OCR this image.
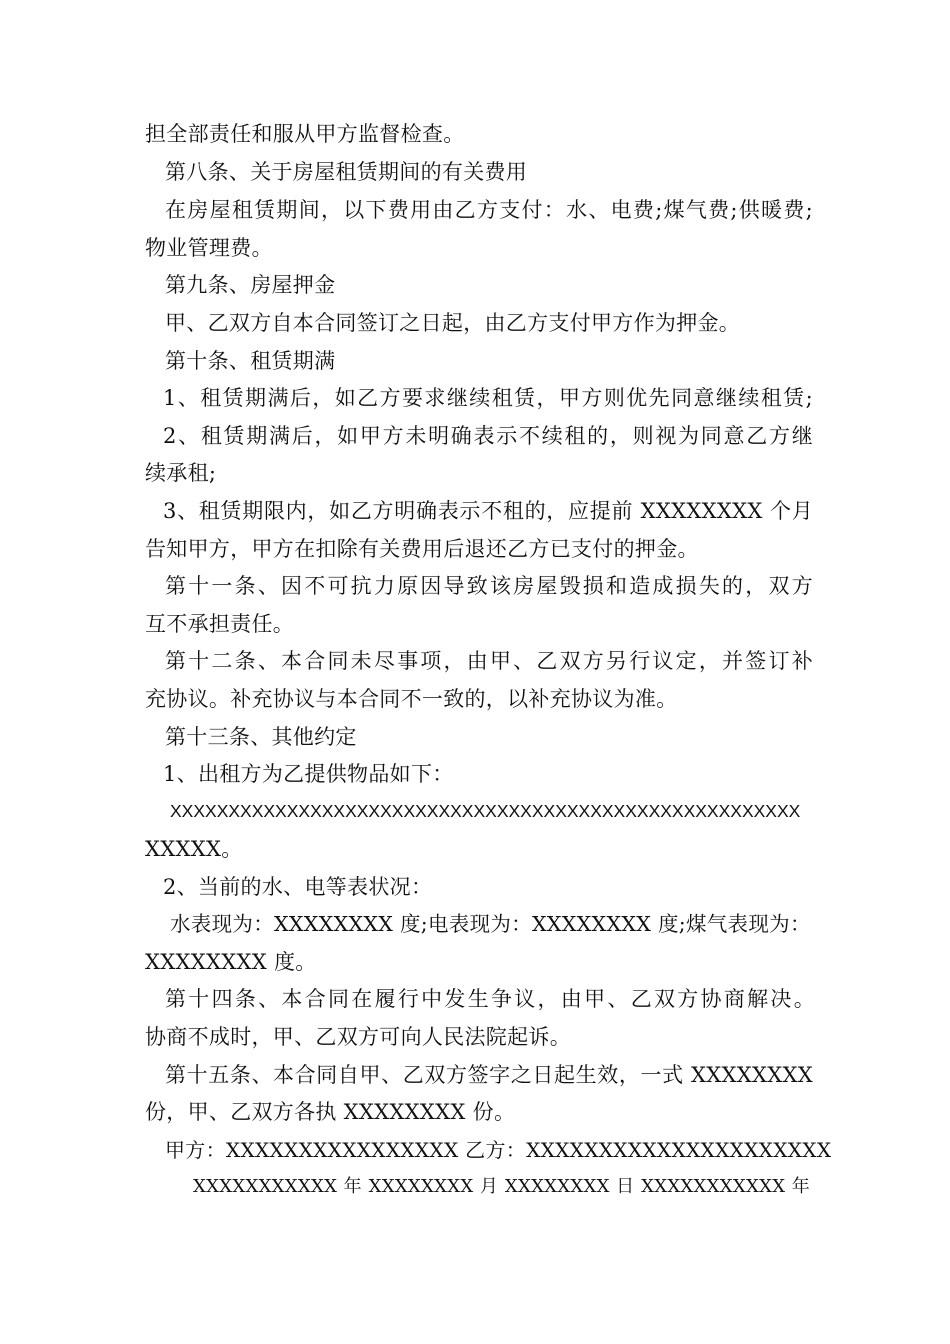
担全部责任和服从甲方监督检查。
第八条、关于房屋租赁期间的有关费用
在房屋租赁期间，以下费用由乙方支付：水、电费;煤气费;供暖费;
物业管理费。
第九条、房屋押金
甲、乙双方自本合同签订之日起，由乙方支付甲方作为押金。
第十条、租赁期满
1、租赁期满后，如乙方要求继续租赁，甲方则优先同意继续租赁;
2、租赁期满后，如甲方未明确表示不续租的，则视为同意乙方继
续承租;
3、租赁期限内，如乙方明确表示不租的，应提前 XXXXXXXX 个月
告知甲方，甲方在扣除有关费用后退还乙方已支付的押金。
第十一条、因不可抗力原因导致该房屋毁损和造成损失的，双方
互不承担责任。
第十二条、本合同未尽事项，由甲、乙双方另行议定，并签订补
充协议。补充协议与本合同不一致的，以补充协议为准。
第十三条、其他约定
1、出租方为乙提供物品如下：
XXXXXXXXXXXXXXXXXXXXXXXXXXXXXXXXXXXXXXXXXXXXXXXXXXXXXX
XXXXX。
2、当前的水、电等表状况：
水表现为：XXXXXXXX 度;电表现为：XXXXXXXX 度;煤气表现为：
XXXXXXXX 度。
第十四条、本合同在履行中发生争议，由甲、乙双方协商解决。
协商不成时，甲、乙双方可向人民法院起诉。
第十五条、本合同自甲、乙双方签字之日起生效，一式 XXXXXXXX
份，甲、乙双方各执 XXXXXXXX 份。
甲方：XXXXXXXXXXXXXXXX 乙方：XXXXXXXXXXXXXXXXXXXXX
XXXXXXXXXXX 年 XXXXXXXX 月 XXXXXXXX 日 XXXXXXXXXXX 年
